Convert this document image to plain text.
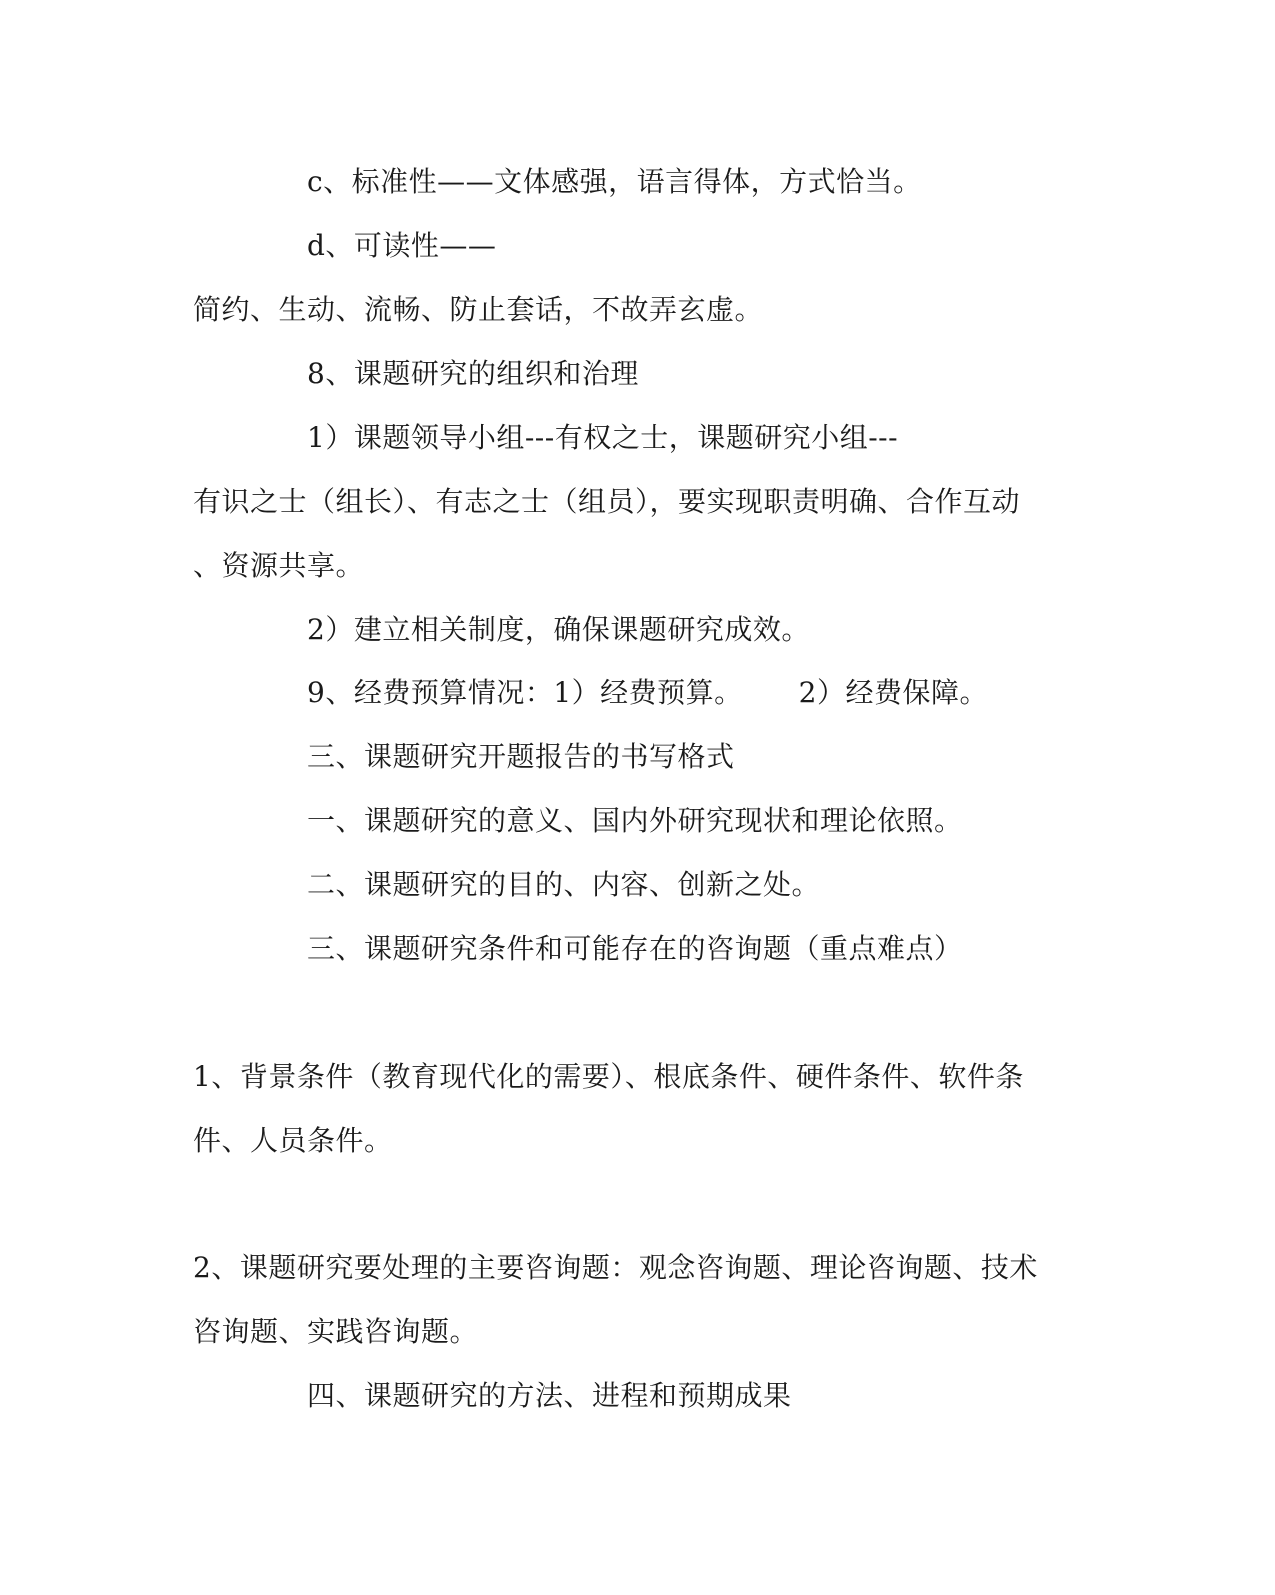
c、标准性——文体感强，语言得体，方式恰当。
d、可读性——
简约、生动、流畅、防止套话，不故弄玄虚。
8、课题研究的组织和治理
1）课题领导小组---有权之士，课题研究小组---
有识之士（组长）、有志之士（组员），要实现职责明确、合作互动
、资源共享。
2）建立相关制度，确保课题研究成效。
9、经费预算情况：1）经费预算。 2）经费保障。
三、课题研究开题报告的书写格式
一、课题研究的意义、国内外研究现状和理论依照。
二、课题研究的目的、内容、创新之处。
三、课题研究条件和可能存在的咨询题（重点难点）
1、背景条件（教育现代化的需要）、根底条件、硬件条件、软件条
件、人员条件。
2、课题研究要处理的主要咨询题：观念咨询题、理论咨询题、技术
咨询题、实践咨询题。
四、课题研究的方法、进程和预期成果
